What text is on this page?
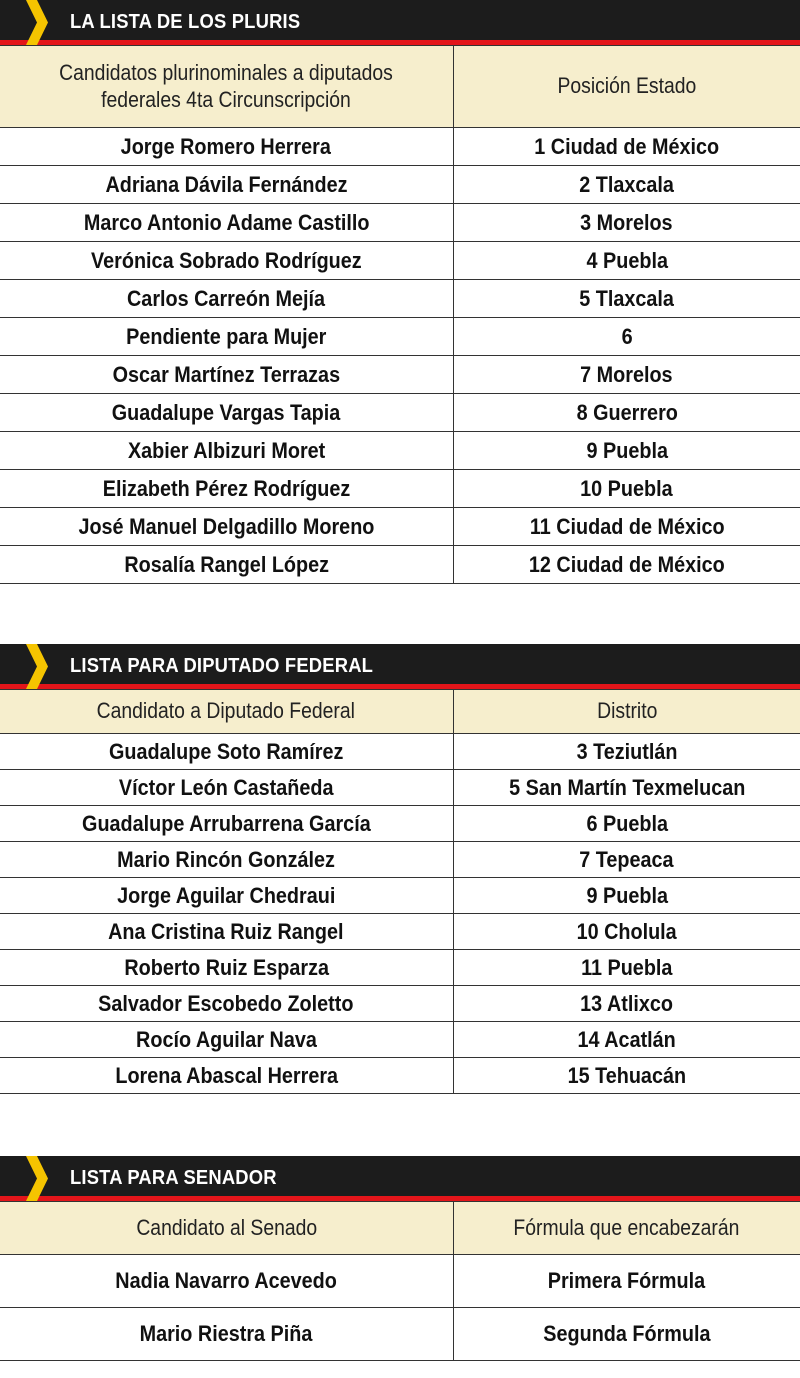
LA LISTA DE LOS PLURIS
Candidatos plurinominales a diputados federales 4ta Circunscripción	Posición Estado
Jorge Romero Herrera	1 Ciudad de México
Adriana Dávila Fernández	2 Tlaxcala
Marco Antonio Adame Castillo	3 Morelos
Verónica Sobrado Rodríguez	4 Puebla
Carlos Carreón Mejía	5 Tlaxcala
Pendiente para Mujer	6
Oscar Martínez Terrazas	7 Morelos
Guadalupe Vargas Tapia	8 Guerrero
Xabier Albizuri Moret	9 Puebla
Elizabeth Pérez Rodríguez	10 Puebla
José Manuel Delgadillo Moreno	11 Ciudad de México
Rosalía Rangel López	12 Ciudad de México
LISTA PARA DIPUTADO FEDERAL
Candidato a Diputado Federal	Distrito
Guadalupe Soto Ramírez	3 Teziutlán
Víctor León Castañeda	5 San Martín Texmelucan
Guadalupe Arrubarrena García	6 Puebla
Mario Rincón González	7 Tepeaca
Jorge Aguilar Chedraui	9 Puebla
Ana Cristina Ruiz Rangel	10 Cholula
Roberto Ruiz Esparza	11 Puebla
Salvador Escobedo Zoletto	13 Atlixco
Rocío Aguilar Nava	14 Acatlán
Lorena Abascal Herrera	15 Tehuacán
LISTA PARA SENADOR
Candidato al Senado	Fórmula que encabezarán
Nadia Navarro Acevedo	Primera Fórmula
Mario Riestra Piña	Segunda Fórmula
